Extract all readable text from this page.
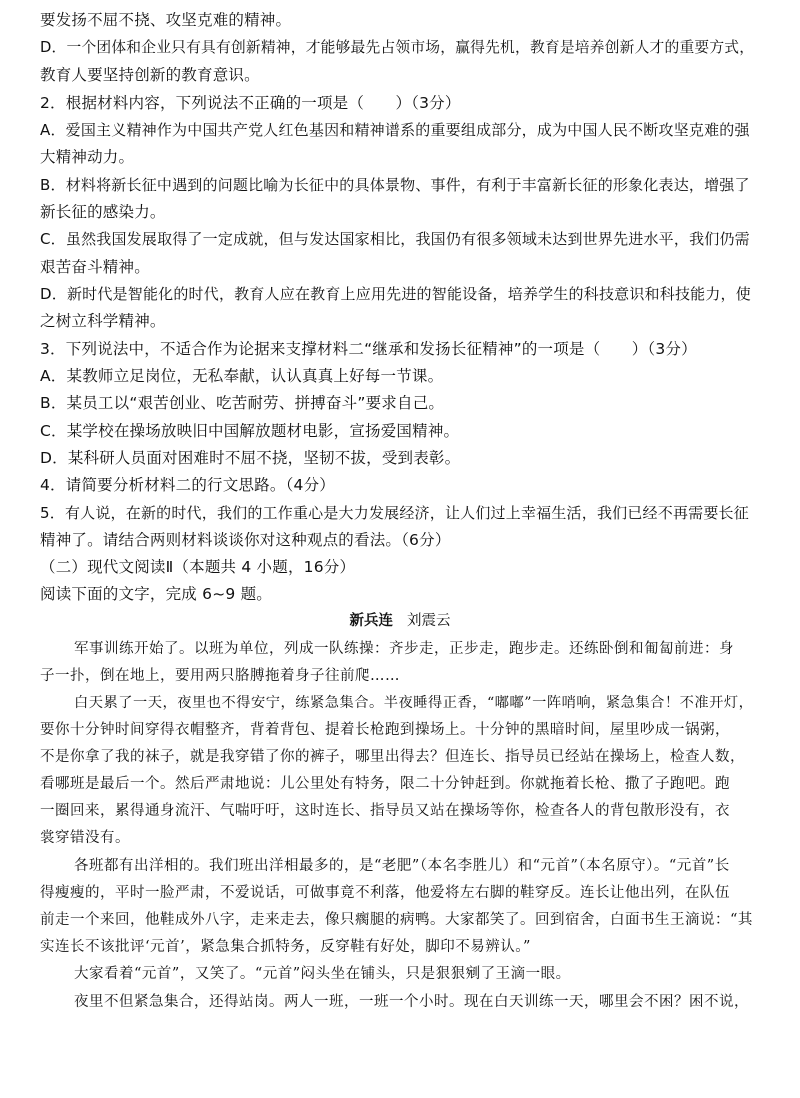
要发扬不屈不挠、攻坚克难的精神。
D．一个团体和企业只有具有创新精神，才能够最先占领市场，赢得先机，教育是培养创新人才的重要方式，
教育人要坚持创新的教育意识。
2．根据材料内容，下列说法不正确的一项是（　　）（3分）
A．爱国主义精神作为中国共产党人红色基因和精神谱系的重要组成部分，成为中国人民不断攻坚克难的强
大精神动力。
B．材料将新长征中遇到的问题比喻为长征中的具体景物、事件，有利于丰富新长征的形象化表达，增强了
新长征的感染力。
C．虽然我国发展取得了一定成就，但与发达国家相比，我国仍有很多领域未达到世界先进水平，我们仍需
艰苦奋斗精神。
D．新时代是智能化的时代，教育人应在教育上应用先进的智能设备，培养学生的科技意识和科技能力，使
之树立科学精神。
3．下列说法中，不适合作为论据来支撑材料二“继承和发扬长征精神”的一项是（　　）（3分）
A．某教师立足岗位，无私奉献，认认真真上好每一节课。
B．某员工以“艰苦创业、吃苦耐劳、拼搏奋斗”要求自己。
C．某学校在操场放映旧中国解放题材电影，宣扬爱国精神。
D．某科研人员面对困难时不屈不挠，坚韧不拔，受到表彰。
4．请简要分析材料二的行文思路。（4分）
5．有人说，在新的时代，我们的工作重心是大力发展经济，让人们过上幸福生活，我们已经不再需要长征
精神了。请结合两则材料谈谈你对这种观点的看法。（6分）
（二）现代文阅读Ⅱ（本题共 4 小题，16分）
阅读下面的文字，完成 6~9 题。
新兵连 刘震云
军事训练开始了。以班为单位，列成一队练操：齐步走，正步走，跑步走。还练卧倒和匍匐前进：身
子一扑，倒在地上，要用两只胳膊拖着身子往前爬……
白天累了一天，夜里也不得安宁，练紧急集合。半夜睡得正香，“嘟嘟”一阵哨响，紧急集合！不准开灯，
要你十分钟时间穿得衣帽整齐，背着背包、提着长枪跑到操场上。十分钟的黑暗时间，屋里吵成一锅粥，
不是你拿了我的袜子，就是我穿错了你的裤子，哪里出得去？但连长、指导员已经站在操场上，检查人数，
看哪班是最后一个。然后严肃地说：儿公里处有特务，限二十分钟赶到。你就拖着长枪、撒了子跑吧。跑
一圈回来，累得通身流汗、气喘吁吁，这时连长、指导员又站在操场等你，检查各人的背包散形没有，衣
裳穿错没有。
各班都有出洋相的。我们班出洋相最多的，是“老肥”（本名李胜儿）和“元首”（本名原守）。“元首”长
得瘦瘦的，平时一脸严肃，不爱说话，可做事竟不利落，他爱将左右脚的鞋穿反。连长让他出列，在队伍
前走一个来回，他鞋成外八字，走来走去，像只瘸腿的病鸭。大家都笑了。回到宿舍，白面书生王滴说：“其
实连长不该批评‘元首’，紧急集合抓特务，反穿鞋有好处，脚印不易辨认。”
大家看着“元首”，又笑了。“元首”闷头坐在铺头，只是狠狠剜了王滴一眼。
夜里不但紧急集合，还得站岗。两人一班，一班一个小时。现在白天训练一天，哪里会不困？困不说，
